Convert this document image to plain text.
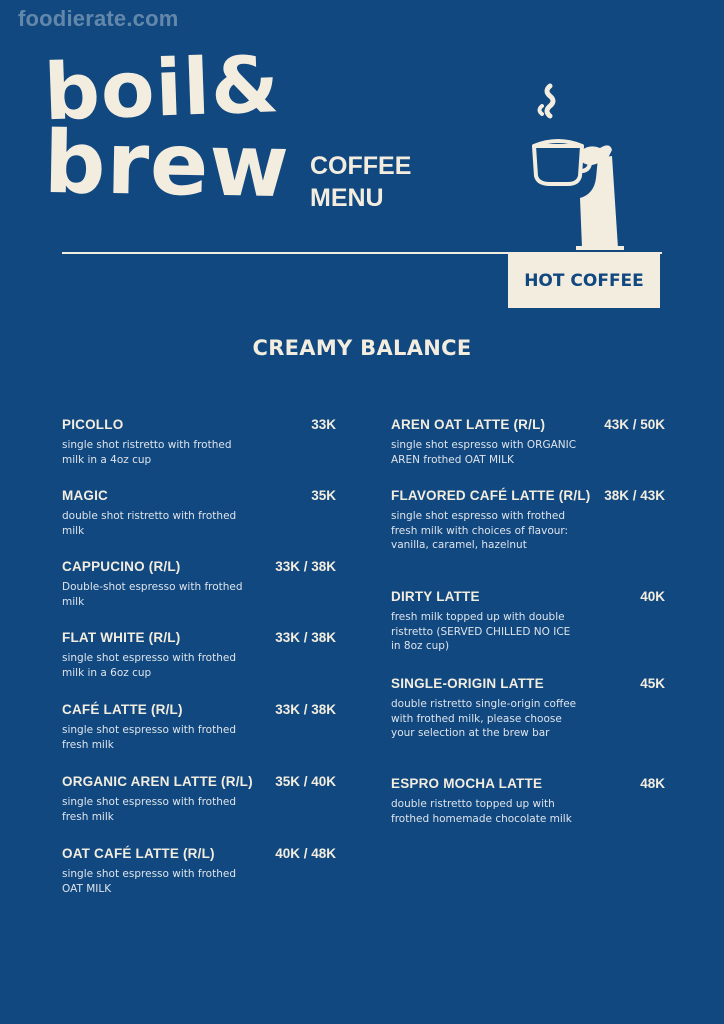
foodierate.com
boil&
brew COFFEE
MENU
HOT COFFEE
CREAMY BALANCE
PICOLLO	33K
single shot ristretto with frothed milk in a 4oz cup
MAGIC	35K
double shot ristretto with frothed milk
CAPPUCINO (R/L)	33K / 38K
Double-shot espresso with frothed milk
FLAT WHITE (R/L)	33K / 38K
single shot espresso with frothed milk in a 6oz cup
CAFÉ LATTE (R/L)	33K / 38K
single shot espresso with frothed fresh milk
ORGANIC AREN LATTE (R/L) 35K / 40K
single shot espresso with frothed fresh milk
OAT CAFÉ LATTE (R/L)	40K / 48K
single shot espresso with frothed OAT MILK
AREN OAT LATTE (R/L)	43K / 50K
single shot espresso with ORGANIC AREN frothed OAT MILK
FLAVORED CAFÉ LATTE (R/L) 38K / 43K
single shot espresso with frothed fresh milk with choices of flavour: vanilla, caramel, hazelnut
DIRTY LATTE	40K
fresh milk topped up with double ristretto (SERVED CHILLED NO ICE in 8oz cup)
SINGLE-ORIGIN LATTE	45K
double ristretto single-origin coffee with frothed milk, please choose your selection at the brew bar
ESPRO MOCHA LATTE	48K
double ristretto topped up with frothed homemade chocolate milk
